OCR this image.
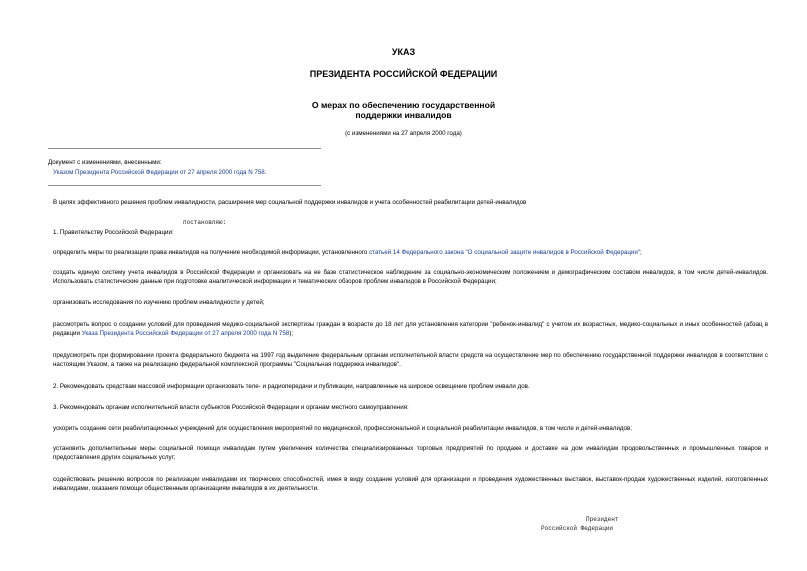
УКАЗ
ПРЕЗИДЕНТА РОССИЙСКОЙ ФЕДЕРАЦИИ
О мерах по обеспечению государственной
поддержки инвалидов
(с изменениями на 27 апреля 2000 года)
Документ с изменениями, внесенными:
Указом Президента Российской Федерации от 27 апреля 2000 года N 758.
В целях эффективного решения проблем инвалидности, расширения мер социальной поддержки инвалидов и учета особенностей реабилитации детей-инвалидов
постановляю:
1. Правительству Российской Федерации:
определить меры по реализации права инвалидов на получение необходимой информации, установленного статьей 14 Федерального закона "О социальной защите инвалидов в Российской Федерации";
создать единую систему учета инвалидов в Российской Федерации и организовать на ее базе статистическое наблюдение за социально-экономическим положением и демографическим составом инвалидов, в том числе детей-инвалидов. Использовать статистические данные при подготовке аналитической информации и тематических обзоров проблем инвалидов в Российской Федерации;
организовать исследования по изучению проблем инвалидности у детей;
рассмотреть вопрос о создании условий для проведения медико-социальной экспертизы граждан в возрасте до 18 лет для установления категории "ребенок-инвалид" с учетом их возрастных, медико-социальных и иных особенностей (абзац в редакции Указа Президента Российской Федерации от 27 апреля 2000 года N 758);
предусмотреть при формировании проекта федерального бюджета на 1997 год выделение федеральным органам исполнительной власти средств на осуществление мер по обеспечению государственной поддержки инвалидов в соответствии с настоящим Указом, а также на реализацию федеральной комплексной программы "Социальная поддержка инвалидов".
2. Рекомендовать средствам массовой информации организовать теле- и радиопередачи и публикации, направленные на широкое освещение проблем инвали дов.
3. Рекомендовать органам исполнительной власти субъектов Российской Федерации и органам местного самоуправления:
ускорить создание сети реабилитационных учреждений для осуществления мероприятий по медицинской, профессиональной и социальной реабилитации инвалидов, в том числе и детей-инвалидов;
установить дополнительные меры социальной помощи инвалидам путем увеличения количества специализированных торговых предприятий по продаже и доставке на дом инвалидам продовольственных и промышленных товаров и предоставления других социальных услуг;
содействовать решению вопросов по реализации инвалидами их творческих способностей, имея в виду создание условий для организации и проведения художественных выставок, выставок-продаж художественных изделий, изготовленных инвалидами, оказания помощи общественным организациям инвалидов в их деятельности.
Президент
Российской Федерации
